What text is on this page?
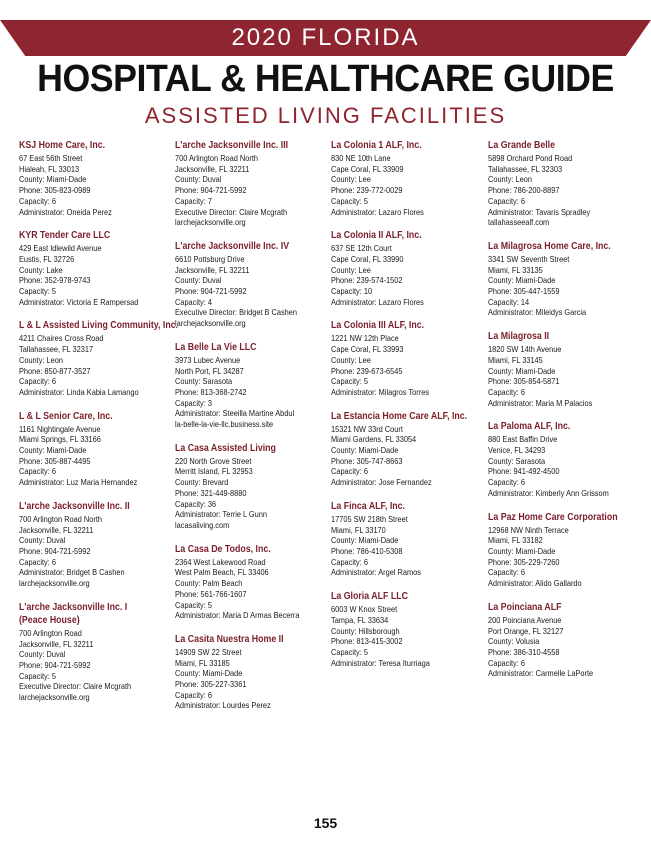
2020 FLORIDA
HOSPITAL & HEALTHCARE GUIDE
ASSISTED LIVING FACILITIES
KSJ Home Care, Inc.
67 East 56th Street
Hialeah, FL 33013
County: Miami-Dade
Phone: 305-823-0989
Capacity: 6
Administrator: Oneida Perez
KYR Tender Care LLC
429 East Idlewild Avenue
Eustis, FL 32726
County: Lake
Phone: 352-978-9743
Capacity: 5
Administrator: Victoria E Rampersad
L & L Assisted Living Community, Inc.
4211 Chaires Cross Road
Tallahassee, FL 32317
County: Leon
Phone: 850-877-3527
Capacity: 6
Administrator: Linda Kabia Lamango
L & L Senior Care, Inc.
1161 Nightingale Avenue
Miami Springs, FL 33166
County: Miami-Dade
Phone: 305-887-4495
Capacity: 6
Administrator: Luz Maria Hernandez
L'arche Jacksonville Inc. II
700 Arlington Road North
Jacksonville, FL 32211
County: Duval
Phone: 904-721-5992
Capacity: 6
Administrator: Bridget B Cashen
larchejacksonville.org
L'arche Jacksonville Inc. I
(Peace House)
700 Arlington Road
Jacksonville, FL 32211
County: Duval
Phone: 904-721-5992
Capacity: 5
Executive Director: Claire Mcgrath
larchejacksonville.org
L'arche Jacksonville Inc. III
700 Arlington Road North
Jacksonville, FL 32211
County: Duval
Phone: 904-721-5992
Capacity: 7
Executive Director: Claire Mcgrath
larchejacksonville.org
L'arche Jacksonville Inc. IV
6610 Pottsburg Drive
Jacksonville, FL 32211
County: Duval
Phone: 904-721-5992
Capacity: 4
Executive Director: Bridget B Cashen
larchejacksonville.org
La Belle La Vie LLC
3973 Lubec Avenue
North Port, FL 34287
County: Sarasota
Phone: 813-368-2742
Capacity: 3
Administrator: Steeilla Martine Abdul
la-belle-la-vie-llc.business.site
La Casa Assisted Living
220 North Grove Street
Merritt Island, FL 32953
County: Brevard
Phone: 321-449-8880
Capacity: 36
Administrator: Terrie L Gunn
lacasaliving.com
La Casa De Todos, Inc.
2364 West Lakewood Road
West Palm Beach, FL 33406
County: Palm Beach
Phone: 561-766-1607
Capacity: 5
Administrator: Maria D Armas Becerra
La Casita Nuestra Home II
14909 SW 22 Street
Miami, FL 33185
County: Miami-Dade
Phone: 305-227-3361
Capacity: 6
Administrator: Lourdes Perez
La Colonia 1 ALF, Inc.
830 NE 10th Lane
Cape Coral, FL 33909
County: Lee
Phone: 239-772-0029
Capacity: 5
Administrator: Lazaro Flores
La Colonia II ALF, Inc.
637 SE 12th Court
Cape Coral, FL 33990
County: Lee
Phone: 239-574-1502
Capacity: 10
Administrator: Lazaro Flores
La Colonia III ALF, Inc.
1221 NW 12th Place
Cape Coral, FL 33993
County: Lee
Phone: 239-673-6545
Capacity: 5
Administrator: Milagros Torres
La Estancia Home Care ALF, Inc.
15321 NW 33rd Court
Miami Gardens, FL 33054
County: Miami-Dade
Phone: 305-747-8663
Capacity: 6
Administrator: Jose Fernandez
La Finca ALF, Inc.
17705 SW 218th Street
Miami, FL 33170
County: Miami-Dade
Phone: 786-410-5308
Capacity: 6
Administrator: Argel Ramos
La Gloria ALF LLC
6003 W Knox Street
Tampa, FL 33634
County: Hillsborough
Phone: 813-415-3002
Capacity: 5
Administrator: Teresa Iturriaga
La Grande Belle
5898 Orchard Pond Road
Tallahassee, FL 32303
County: Leon
Phone: 786-200-8897
Capacity: 6
Administrator: Tavaris Spradley
tallahasseealf.com
La Milagrosa Home Care, Inc.
3341 SW Seventh Street
Miami, FL 33135
County: Miami-Dade
Phone: 305-447-1559
Capacity: 14
Administrator: Mileidys Garcia
La Milagrosa II
1820 SW 14th Avenue
Miami, FL 33145
County: Miami-Dade
Phone: 305-854-5871
Capacity: 6
Administrator: Maria M Palacios
La Paloma ALF, Inc.
880 East Baffin Drive
Venice, FL 34293
County: Sarasota
Phone: 941-492-4500
Capacity: 6
Administrator: Kimberly Ann Grissom
La Paz Home Care Corporation
12968 NW Ninth Terrace
Miami, FL 33182
County: Miami-Dade
Phone: 305-229-7260
Capacity: 6
Administrator: Alido Gallardo
La Poinciana ALF
200 Poinciana Avenue
Port Orange, FL 32127
County: Volusia
Phone: 386-310-4558
Capacity: 6
Administrator: Carmelle LaPorte
155
